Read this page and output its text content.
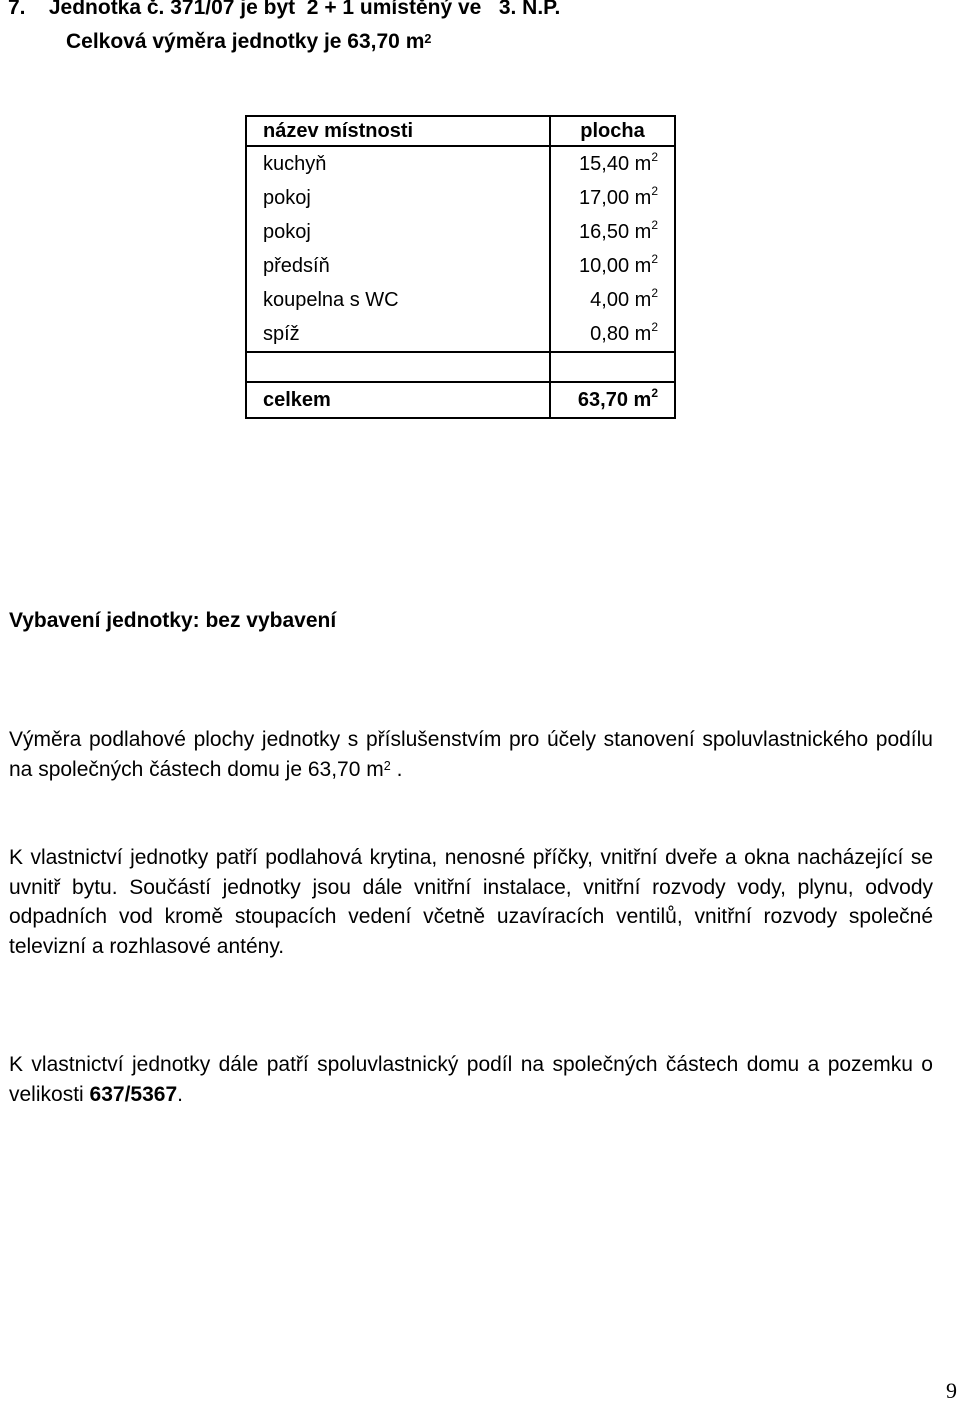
7.    Jednotka č. 371/07 je byt  2 + 1 umístěný ve   3. N.P.
Celková výměra jednotky je 63,70 $m^2$
název místnosti	plocha
kuchyň	15,40 $m^2$
pokoj	17,00 $m^2$
pokoj	16,50 $m^2$
předsíň	10,00 $m^2$
koupelna s WC	4,00 $m^2$
spíž	0,80 $m^2$

celkem	63,70 $m^2$
Vybavení jednotky: bez vybavení
Výměra podlahové plochy jednotky s příslušenstvím pro účely stanovení spoluvlastnického podílu na společných částech domu je 63,70 $m^2$ .
K vlastnictví jednotky patří podlahová krytina, nenosné příčky, vnitřní dveře a okna nacházející se uvnitř bytu. Součástí jednotky jsou dále vnitřní instalace, vnitřní rozvody vody, plynu, odvody odpadních vod kromě stoupacích vedení včetně uzavíracích ventilů, vnitřní rozvody společné televizní a rozhlasové antény.
K vlastnictví jednotky dále patří spoluvlastnický podíl na společných částech domu a pozemku o velikosti 637/5367.
9
